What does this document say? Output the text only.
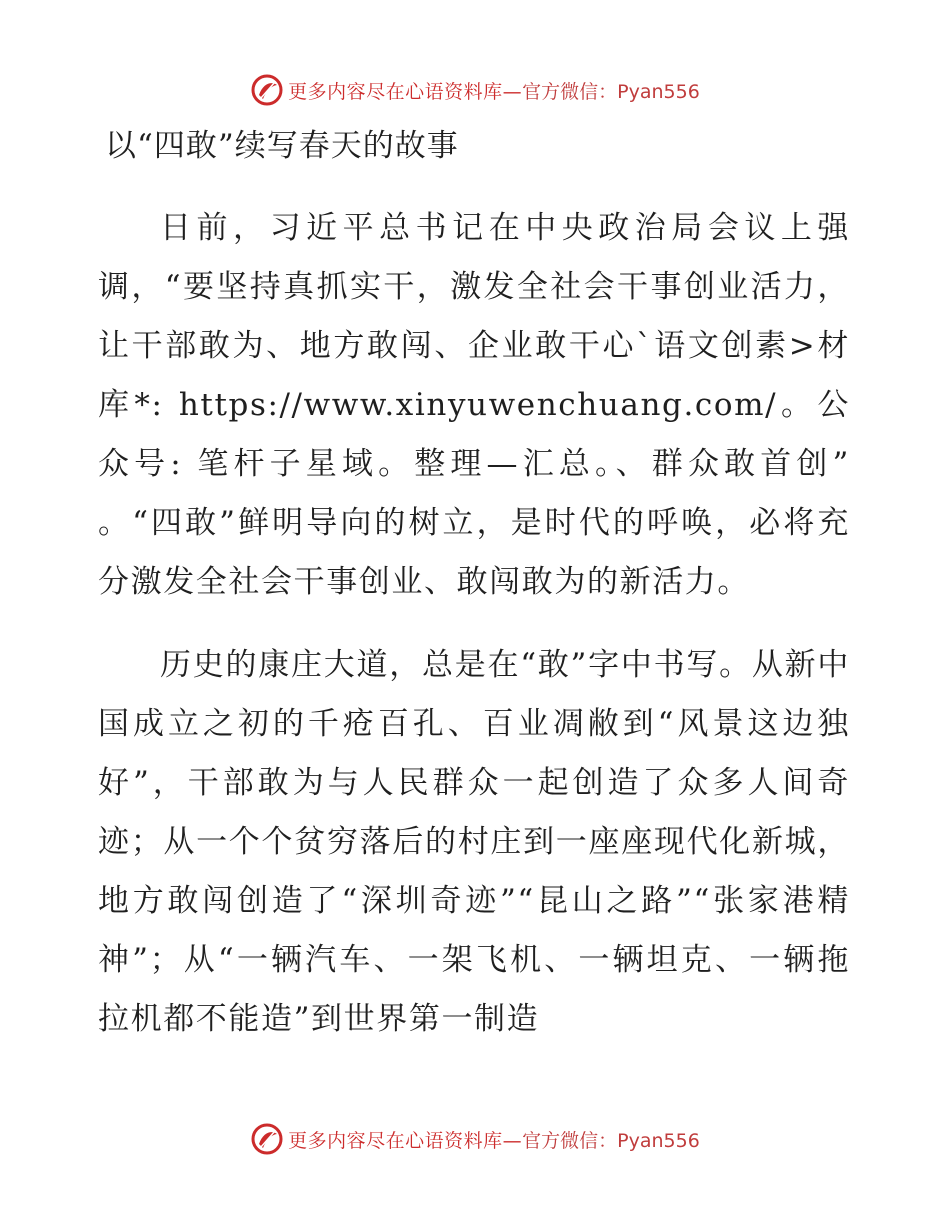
更多内容尽在心语资料库— 官方微信：Pyan556
以“四敢”续写春天的故事

日前，习近平总书记在中央政治局会议上强调，“要坚持真抓实干，激发全社会干事创业活力，让干部敢为、地方敢闯、企业敢干心`语文创素>材库*: https://www.xinyuwenchuang.com/。公众号: 笔杆子星域。整理—汇总。、群众敢首创” 。“四敢”鲜明导向的树立，是时代的呼唤，必将充分激发全社会干事创业、敢闯敢为的新活力。

历史的康庄大道，总是在“敢”字中书写。从新中国成立之初的千疮百孔、百业凋敝到“风景这边独好”，干部敢为与人民群众一起创造了众多人间奇迹；从一个个贫穷落后的村庄到一座座现代化新城，地方敢闯创造了“深圳奇迹”“昆山之路”“张家港精神”；从“一辆汽车、一架飞机、一辆坦克、一辆拖拉机都不能造”到世界第一制造

更多内容尽在心语资料库— 官方微信：Pyan556
